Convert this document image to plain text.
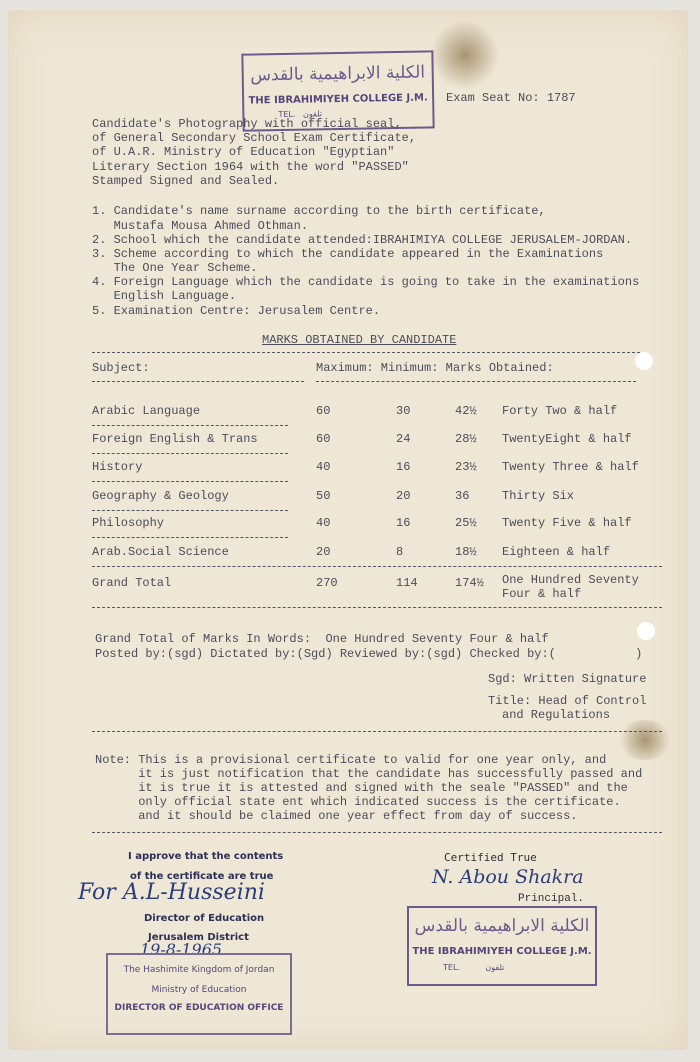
الكلية الابراهيمية بالقدس
THE IBRAHIMIYEH COLLEGE J.M.
TEL. تلفون
Exam Seat No: 1787
Candidate's Photography with official seal,
of General Secondary School Exam Certificate,
of U.A.R. Ministry of Education "Egyptian"
Literary Section 1964 with the word "PASSED"
Stamped Signed and Sealed.
1. Candidate's name surname according to the birth certificate,
Mustafa Mousa Ahmed Othman.
2. School which the candidate attended:IBRAHIMIYA COLLEGE JERUSALEM-JORDAN.
3. Scheme according to which the candidate appeared in the Examinations
The One Year Scheme.
4. Foreign Language which the candidate is going to take in the examinations
English Language.
5. Examination Centre: Jerusalem Centre.
MARKS OBTAINED BY CANDIDATE
Subject:	Maximum: Minimum: Marks Obtained:
Arabic Language	60	30	42½ Forty Two & half
Foreign English & Trans	60	24	28½ TwentyEight & half
History	40	16	23½ Twenty Three & half
Geography & Geology	50	20	36	Thirty Six
Philosophy	40	16	25½ Twenty Five & half
Arab.Social Science	20	8	18½ Eighteen & half
Grand Total	270	114	174½ One Hundred Seventy
Four & half
Grand Total of Marks In Words:  One Hundred Seventy Four & half
Posted by:(sgd) Dictated by:(Sgd) Reviewed by:(sgd) Checked by:(           )
Sgd: Written Signature
Title: Head of Control
and Regulations
Note: This is a provisional certificate to valid for one year only, and
it is just notification that the candidate has successfully passed and
it is true it is attested and signed with the seale "PASSED" and the
only official state ent which indicated success is the certificate.
and it should be claimed one year effect from day of success.
I approve that the contents
of the certificate are true
For A.L-Husseini
Director of Education
Jerusalem District
19-8-1965
The Hashimite Kingdom of Jordan
Ministry of Education
DIRECTOR OF EDUCATION OFFICE
Certified True
N. Abou Shakra
Principal.
الكلية الابراهيمية بالقدس
THE IBRAHIMIYEH COLLEGE J.M.
TEL.	تلفون
